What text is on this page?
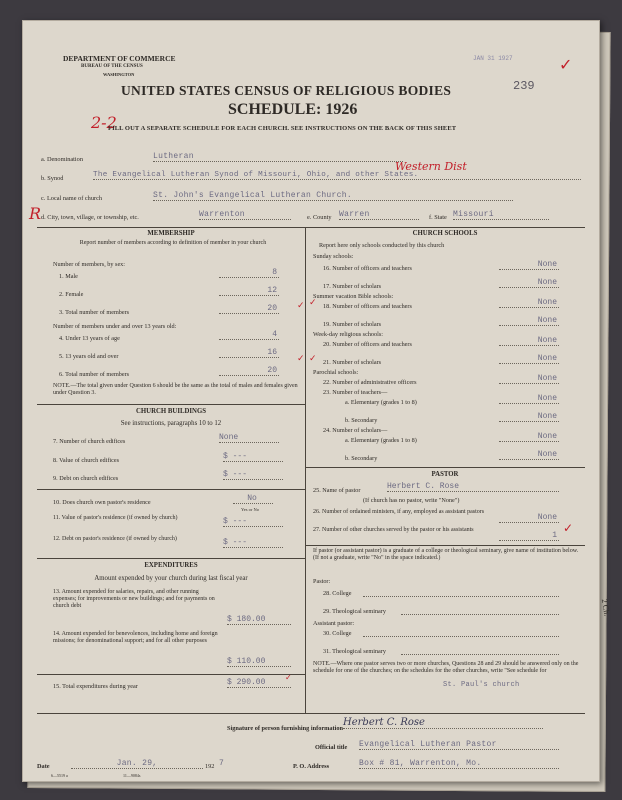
DEPARTMENT OF COMMERCE
BUREAU OF THE CENSUS
WASHINGTON
JAN 31 1927
UNITED STATES CENSUS OF RELIGIOUS BODIES
SCHEDULE: 1926
239
2-2
FILL OUT A SEPARATE SCHEDULE FOR EACH CHURCH. SEE INSTRUCTIONS ON THE BACK OF THIS SHEET
✓
a. Denomination	Lutheran
b. Synod	The Evangelical Lutheran Synod of Missouri, Ohio, and other States.
Western Dist
c. Local name of church	St. John's Evangelical Lutheran Church.
R d. City, town, village, or township, etc.	Warrenton	e. County Warren	f. State Missouri
MEMBERSHIP
Report number of members according to definition of member in your church
Number of members, by sex:
1. Male	8
2. Female	12
3. Total number of members	20 ✓
Number of members under and over 13 years old:
4. Under 13 years of age	4
5. 13 years old and over	16
✓
6. Total number of members	20
NOTE.—The total given under Question 6 should be the same as the total of males and females given under Question 3.
CHURCH BUILDINGS
See instructions, paragraphs 10 to 12
7. Number of church edifices	None
8. Value of church edifices	$ ---
9. Debt on church edifices	$ ---
10. Does church own pastor's residence	No
Yes or No
11. Value of pastor's residence (if owned by church)	$ ---
12. Debt on pastor's residence (if owned by church)	$ ---
EXPENDITURES
Amount expended by your church during last fiscal year
13. Amount expended for salaries, repairs, and other running expenses; for improvements or new buildings; and for payments on church debt
$ 180.00
14. Amount expended for benevolences, including home and foreign missions; for denominational support; and for all other purposes
$ 110.00
15. Total expenditures during year	$ 290.00
✓
CHURCH SCHOOLS
Report here only schools conducted by this church
Sunday schools:
16. Number of officers and teachers	None
17. Number of scholars	None
Summer vacation Bible schools:
✓ 18. Number of officers and teachers	None
19. Number of scholars	None
Week-day religious schools:
20. Number of officers and teachers	None
✓ 21. Number of scholars	None
Parochial schools:
22. Number of administrative officers	None
23. Number of teachers—
a. Elementary (grades 1 to 8)	None
b. Secondary	None
24. Number of scholars—
a. Elementary (grades 1 to 8)	None
b. Secondary	None
PASTOR
25. Name of pastor	Herbert C. Rose
(If church has no pastor, write "None")
26. Number of ordained ministers, if any, employed as assistant pastors
None
27. Number of other churches served by the pastor or his assistants
1
✓
If pastor (or assistant pastor) is a graduate of a college or theological seminary, give name of institution below. (If not a graduate, write "No" in the space indicated.)
Pastor:
28. College
29. Theological seminary
Assistant pastor:
30. College
31. Theological seminary
NOTE.—Where one pastor serves two or more churches, Questions 28 and 29 should be answered only on the schedule for one of the churches; on the schedules for the other churches, write "See schedule for
St. Paul's church
2 Ch.
Signature of person furnishing information
Herbert C. Rose
Official title Evangelical Lutheran Pastor
Date	Jan. 29,	192 7	P. O. Address	Box # 81, Warrenton, Mo.
6—5519 a	11—9084s
